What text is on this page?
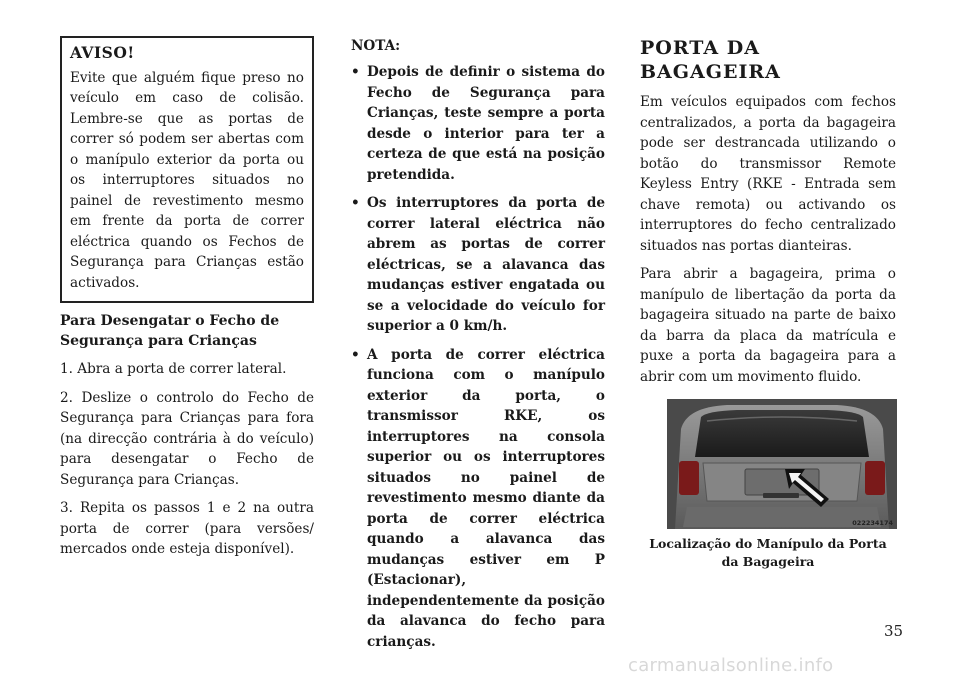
AVISO!

Evite que alguém fique preso no veículo em caso de colisão. Lembre-se que as portas de correr só podem ser abertas com o manípulo exterior da porta ou os interruptores situados no painel de revestimento mesmo em frente da porta de correr eléctrica quando os Fechos de Segurança para Crianças estão activados.

Para Desengatar o Fecho de Segurança para Crianças

1. Abra a porta de correr lateral.

2. Deslize o controlo do Fecho de Segurança para Crianças para fora (na direcção contrária à do veículo) para desengatar o Fecho de Segurança para Crianças.

3. Repita os passos 1 e 2 na outra porta de correr (para versões/ mercados onde esteja disponível).

NOTA:

• Depois de definir o sistema do Fecho de Segurança para Crianças, teste sempre a porta desde o interior para ter a certeza de que está na posição pretendida.
• Os interruptores da porta de correr lateral eléctrica não abrem as portas de correr eléctricas, se a alavanca das mudanças estiver engatada ou se a velocidade do veículo for superior a 0 km/h.
• A porta de correr eléctrica funciona com o manípulo exterior da porta, o transmissor RKE, os interruptores na consola superior ou os interruptores situados no painel de revestimento mesmo diante da porta de correr eléctrica quando a alavanca das mudanças estiver em P (Estacionar), independentemente da posição da alavanca do fecho para crianças.
PORTA DA BAGAGEIRA

Em veículos equipados com fechos centralizados, a porta da bagageira pode ser destrancada utilizando o botão do transmissor Remote Keyless Entry (RKE - Entrada sem chave remota) ou activando os interruptores do fecho centralizado situados nas portas dianteiras.

Para abrir a bagageira, prima o manípulo de libertação da porta da bagageira situado na parte de baixo da barra da placa da matrícula e puxe a porta da bagageira para a abrir com um movimento fluido.

022234174

Localização do Manípulo da Porta da Bagageira

35
carmanualsonline.info
